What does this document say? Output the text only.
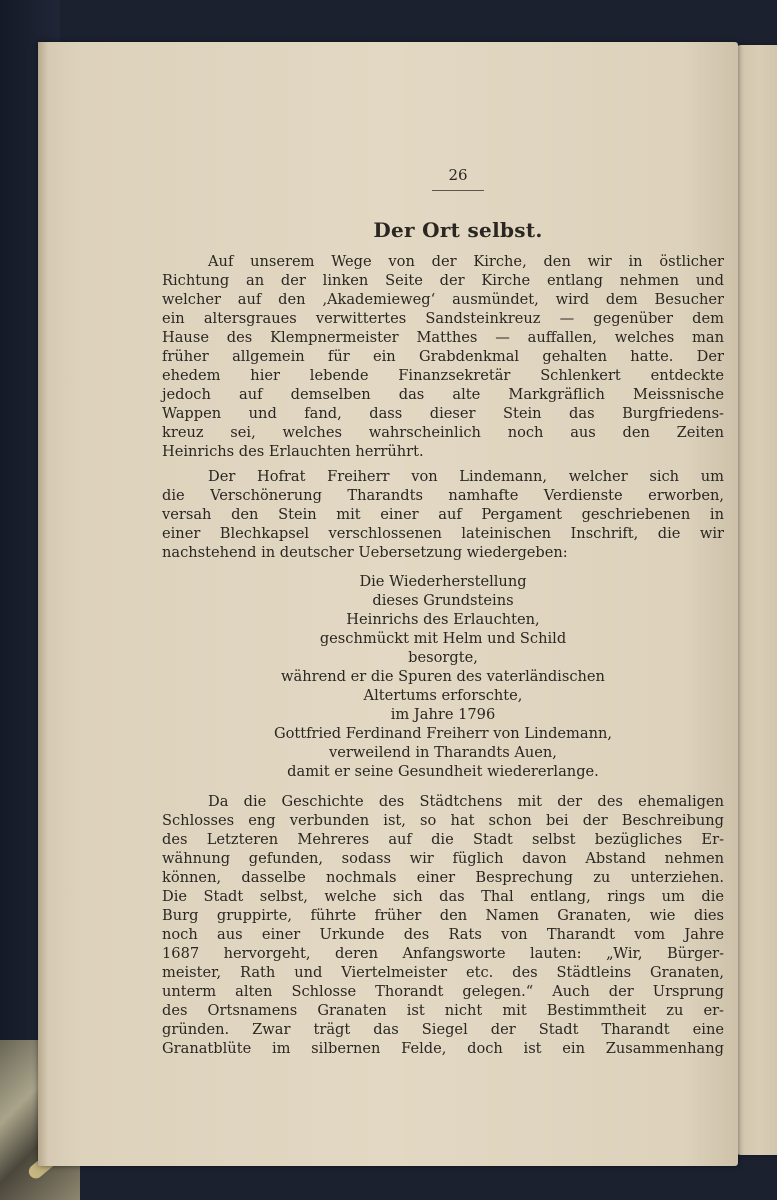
26
Der Ort selbst.
Auf unserem Wege von der Kirche, den wir in östlicher
Richtung an der linken Seite der Kirche entlang nehmen und
welcher auf den ‚Akademieweg‘ ausmündet, wird dem Besucher
ein altersgraues verwittertes Sandsteinkreuz — gegenüber dem
Hause des Klempnermeister Matthes — auffallen, welches man
früher allgemein für ein Grabdenkmal gehalten hatte. Der
ehedem hier lebende Finanzsekretär Schlenkert entdeckte
jedoch auf demselben das alte Markgräflich Meissnische
Wappen und fand, dass dieser Stein das Burgfriedens-
kreuz sei, welches wahrscheinlich noch aus den Zeiten
Heinrichs des Erlauchten herrührt.
Der Hofrat Freiherr von Lindemann, welcher sich um
die Verschönerung Tharandts namhafte Verdienste erworben,
versah den Stein mit einer auf Pergament geschriebenen in
einer Blechkapsel verschlossenen lateinischen Inschrift, die wir
nachstehend in deutscher Uebersetzung wiedergeben:
Die Wiederherstellung
dieses Grundsteins
Heinrichs des Erlauchten,
geschmückt mit Helm und Schild
besorgte,
während er die Spuren des vaterländischen
Altertums erforschte,
im Jahre 1796
Gottfried Ferdinand Freiherr von Lindemann,
verweilend in Tharandts Auen,
damit er seine Gesundheit wiedererlange.
Da die Geschichte des Städtchens mit der des ehemaligen
Schlosses eng verbunden ist, so hat schon bei der Beschreibung
des Letzteren Mehreres auf die Stadt selbst bezügliches Er-
wähnung gefunden, sodass wir füglich davon Abstand nehmen
können, dasselbe nochmals einer Besprechung zu unterziehen.
Die Stadt selbst, welche sich das Thal entlang, rings um die
Burg gruppirte, führte früher den Namen Granaten, wie dies
noch aus einer Urkunde des Rats von Tharandt vom Jahre
1687 hervorgeht, deren Anfangsworte lauten: „Wir, Bürger-
meister, Rath und Viertelmeister etc. des Städtleins Granaten,
unterm alten Schlosse Thorandt gelegen.“ Auch der Ursprung
des Ortsnamens Granaten ist nicht mit Bestimmtheit zu er-
gründen. Zwar trägt das Siegel der Stadt Tharandt eine
Granatblüte im silbernen Felde, doch ist ein Zusammenhang
